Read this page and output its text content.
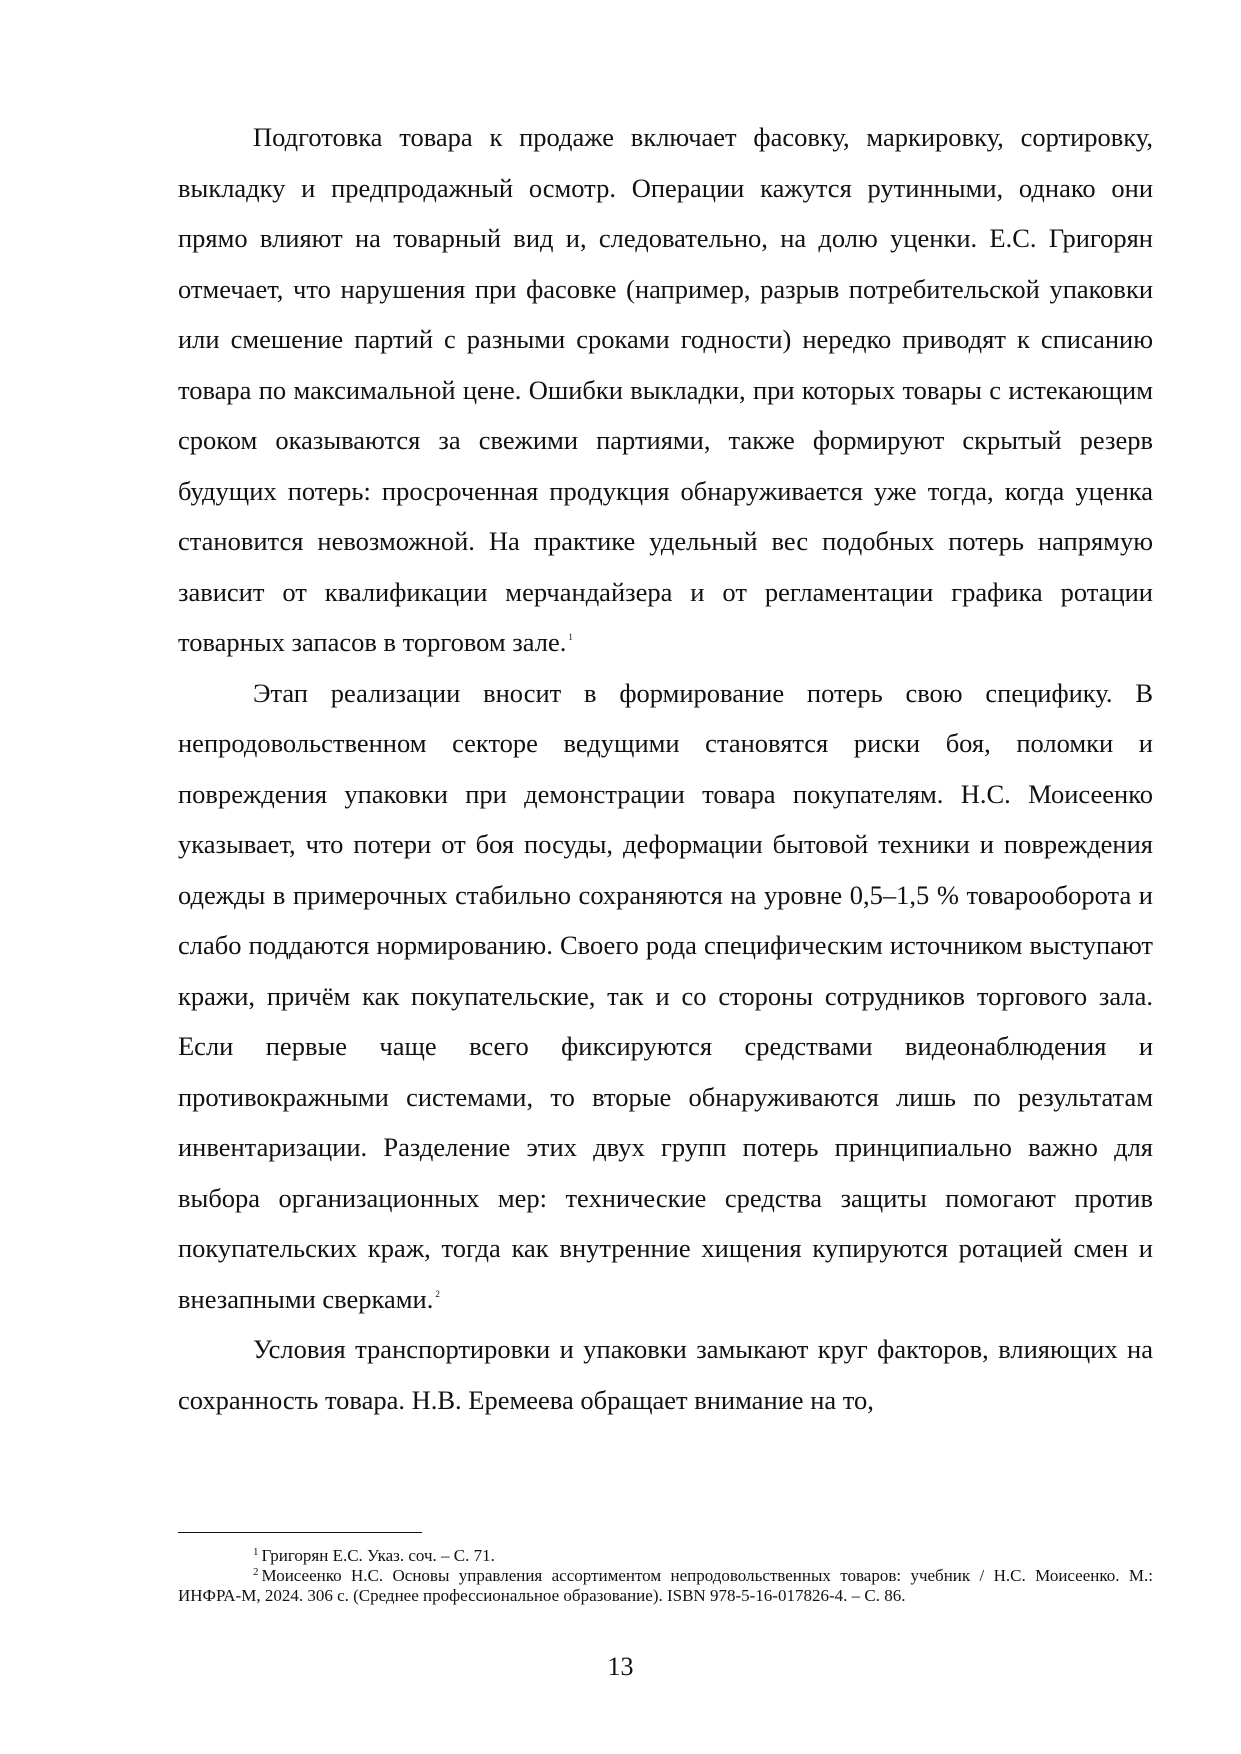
Подготовка товара к продаже включает фасовку, маркировку, сортировку, выкладку и предпродажный осмотр. Операции кажутся рутинными, однако они прямо влияют на товарный вид и, следовательно, на долю уценки. Е.С. Григорян отмечает, что нарушения при фасовке (например, разрыв потребительской упаковки или смешение партий с разными сроками годности) нередко приводят к списанию товара по максимальной цене. Ошибки выкладки, при которых товары с истекающим сроком оказываются за свежими партиями, также формируют скрытый резерв будущих потерь: просроченная продукция обнаруживается уже тогда, когда уценка становится невозможной. На практике удельный вес подобных потерь напрямую зависит от квалификации мерчандайзера и от регламентации графика ротации товарных запасов в торговом зале. $^1$

Этап реализации вносит в формирование потерь свою специфику. В непродовольственном секторе ведущими становятся риски боя, поломки и повреждения упаковки при демонстрации товара покупателям. Н.С. Моисеенко указывает, что потери от боя посуды, деформации бытовой техники и повреждения одежды в примерочных стабильно сохраняются на уровне 0,5–1,5 % товарооборота и слабо поддаются нормированию. Своего рода специфическим источником выступают кражи, причём как покупательские, так и со стороны сотрудников торгового зала. Если первые чаще всего фиксируются средствами видеонаблюдения и противокражными системами, то вторые обнаруживаются лишь по результатам инвентаризации. Разделение этих двух групп потерь принципиально важно для выбора организационных мер: технические средства защиты помогают против покупательских краж, тогда как внутренние хищения купируются ротацией смен и внезапными сверками. $^2$

Условия транспортировки и упаковки замыкают круг факторов, влияющих на сохранность товара. Н.В. Еремеева обращает внимание на то,

$^1$ Григорян Е.С. Указ. соч. – С. 71.

$^2$ Моисеенко Н.С. Основы управления ассортиментом непродовольственных товаров: учебник / Н.С. Моисеенко. М.: ИНФРА-М, 2024. 306 с. (Среднее профессиональное образование). ISBN 978-5-16-017826-4. – С. 86.

13
